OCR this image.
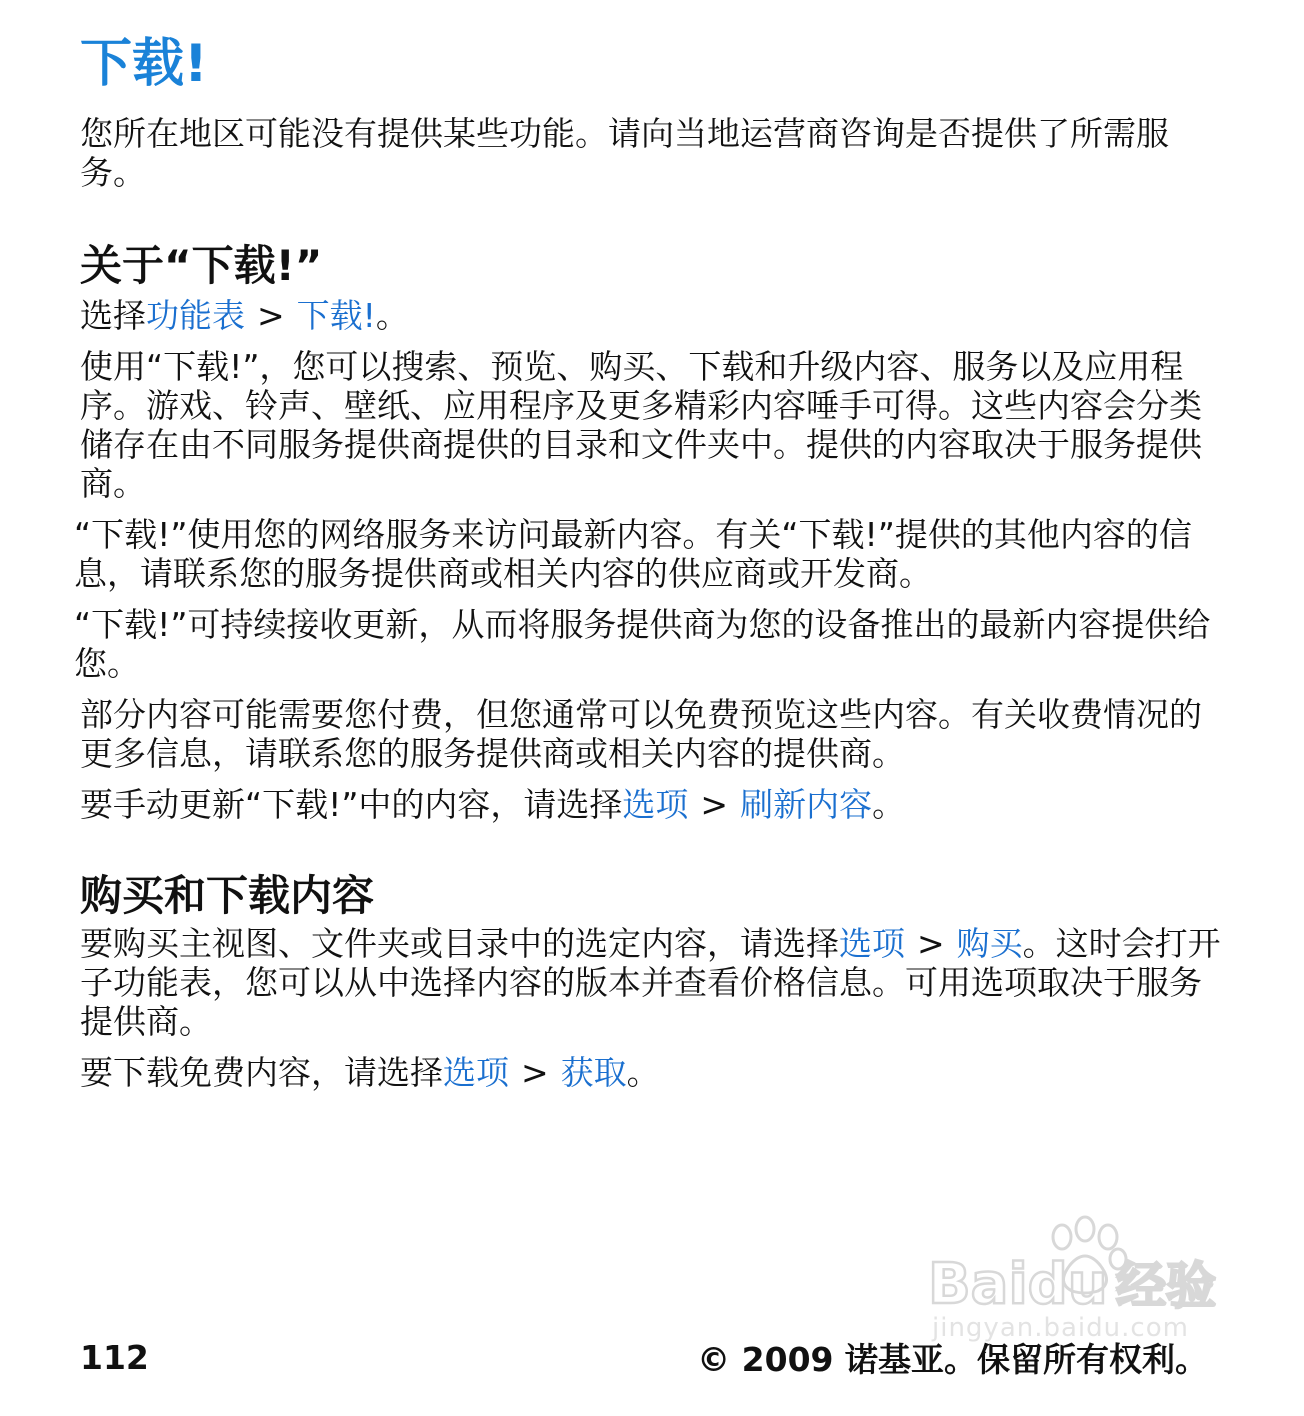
下载!

您所在地区可能没有提供某些功能。请向当地运营商咨询是否提供了所需服务。

关于“下载!”

选择功能表 > 下载!。

使用“下载!”，您可以搜索、预览、购买、下载和升级内容、服务以及应用程序。游戏、铃声、壁纸、应用程序及更多精彩内容唾手可得。这些内容会分类储存在由不同服务提供商提供的目录和文件夹中。提供的内容取决于服务提供商。

“下载!”使用您的网络服务来访问最新内容。有关“下载!”提供的其他内容的信息，请联系您的服务提供商或相关内容的供应商或开发商。

“下载!”可持续接收更新，从而将服务提供商为您的设备推出的最新内容提供给您。

部分内容可能需要您付费，但您通常可以免费预览这些内容。有关收费情况的更多信息，请联系您的服务提供商或相关内容的提供商。

要手动更新“下载!”中的内容，请选择选项 > 刷新内容。

购买和下载内容

要购买主视图、文件夹或目录中的选定内容，请选择选项 > 购买。这时会打开子功能表，您可以从中选择内容的版本并查看价格信息。可用选项取决于服务提供商。

要下载免费内容，请选择选项 > 获取。

Baidu 经验
jingyan.baidu.com
112	© 2009 诺基亚。保留所有权利。
